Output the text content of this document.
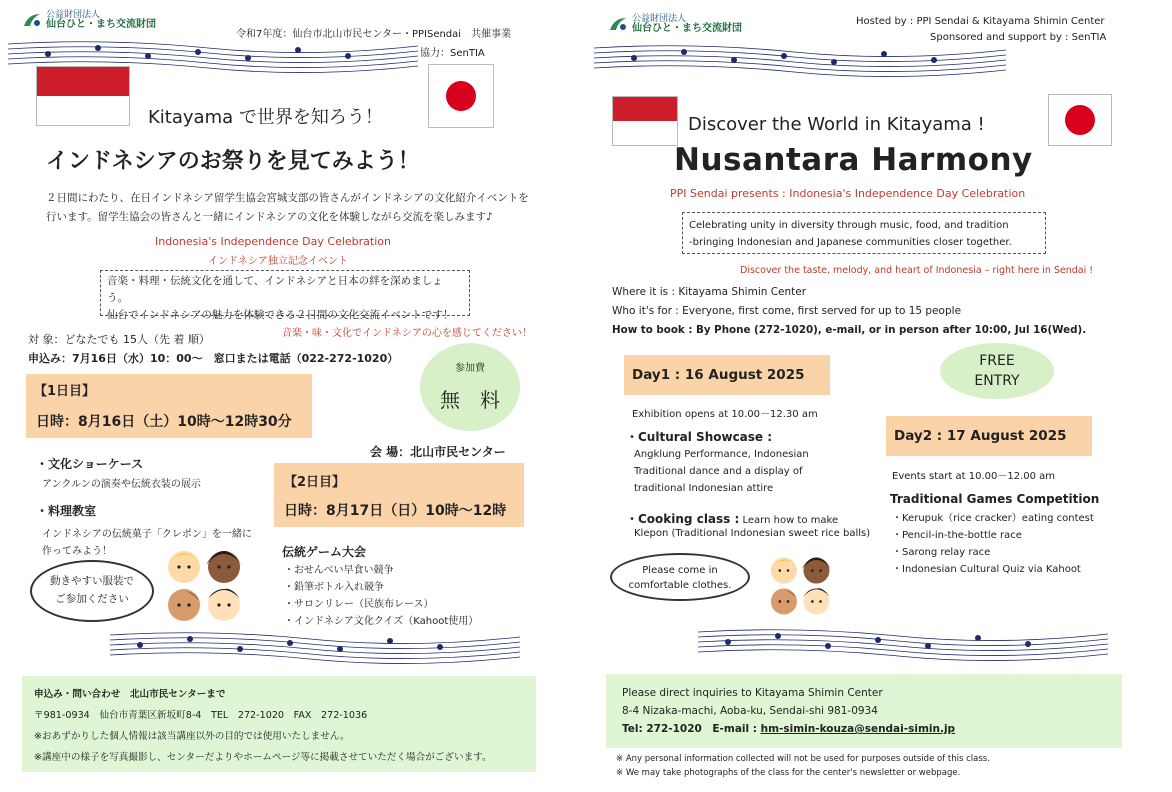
公益財団法人
仙台ひと・まち交流財団
令和7年度：仙台市北山市民センター・PPISendai　共催事業
協力：SenTIA
Kitayama で世界を知ろう！
インドネシアのお祭りを見てみよう！
２日間にわたり、在日インドネシア留学生協会宮城支部の皆さんがインドネシアの文化紹介イベントを
行います。留学生協会の皆さんと一緒にインドネシアの文化を体験しながら交流を楽しみます♪
Indonesia's Independence Day Celebration
インドネシア独立記念イベント
音楽・料理・伝統文化を通して、インドネシアと日本の絆を深めましょう。
仙台でインドネシアの魅力を体験できる２日間の文化交流イベントです！
音楽・味・文化でインドネシアの心を感じてください！
対 象：どなたでも 15人（先 着 順）
申込み：7月16日（水）10：00～　窓口または電話（022-272-1020）
参加費
無　料
【1日目】
日時：8月16日（土）10時～12時30分
会 場：北山市民センター
・文化ショーケース
アンクルンの演奏や伝統衣装の展示
・料理教室
インドネシアの伝統菓子「クレポン」を一緒に
作ってみよう！
【2日目】
日時：8月17日（日）10時～12時
伝統ゲーム大会
・おせんべい早食い競争
・鉛筆ボトル入れ競争
・サロンリレー（民族布レース）
・インドネシア文化クイズ（Kahoot使用）
動きやすい服装で
ご参加ください
申込み・問い合わせ　北山市民センターまで
〒981-0934　仙台市青葉区新坂町8-4　TEL　272-1020　FAX　272-1036
※おあずかりした個人情報は該当講座以外の目的では使用いたしません。
※講座中の様子を写真撮影し、センターだよりやホームページ等に掲載させていただく場合がございます。
公益財団法人
仙台ひと・まち交流財団
Hosted by : PPI Sendai & Kitayama Shimin Center
Sponsored and support by : SenTIA
Discover the World in Kitayama !
Nusantara Harmony
PPI Sendai presents : Indonesia's Independence Day Celebration
Celebrating unity in diversity through music, food, and tradition
-bringing Indonesian and Japanese communities closer together.
Discover the taste, melody, and heart of Indonesia – right here in Sendai !
Where it is : Kitayama Shimin Center
Who it's for : Everyone, first come, first served for up to 15 people
How to book : By Phone (272-1020), e-mail, or in person after 10:00, Jul 16(Wed).
FREE
ENTRY
Day1 : 16 August 2025
Exhibition opens at 10.00－12.30 am
・Cultural Showcase :
Angklung Performance, Indonesian
Traditional dance and a display of
traditional Indonesian attire
・Cooking class : Learn how to make
Klepon (Traditional Indonesian sweet rice balls)
Day2 : 17 August 2025
Events start at 10.00－12.00 am
Traditional Games Competition
・Kerupuk（rice cracker）eating contest
・Pencil-in-the-bottle race
・Sarong relay race
・Indonesian Cultural Quiz via Kahoot
Please come in
comfortable clothes.
Please direct inquiries to Kitayama Shimin Center
8-4 Nizaka-machi, Aoba-ku, Sendai-shi 981-0934
Tel: 272-1020　E-mail : hm-simin-kouza@sendai-simin.jp
※ Any personal information collected will not be used for purposes outside of this class.
※ We may take photographs of the class for the center's newsletter or webpage.
